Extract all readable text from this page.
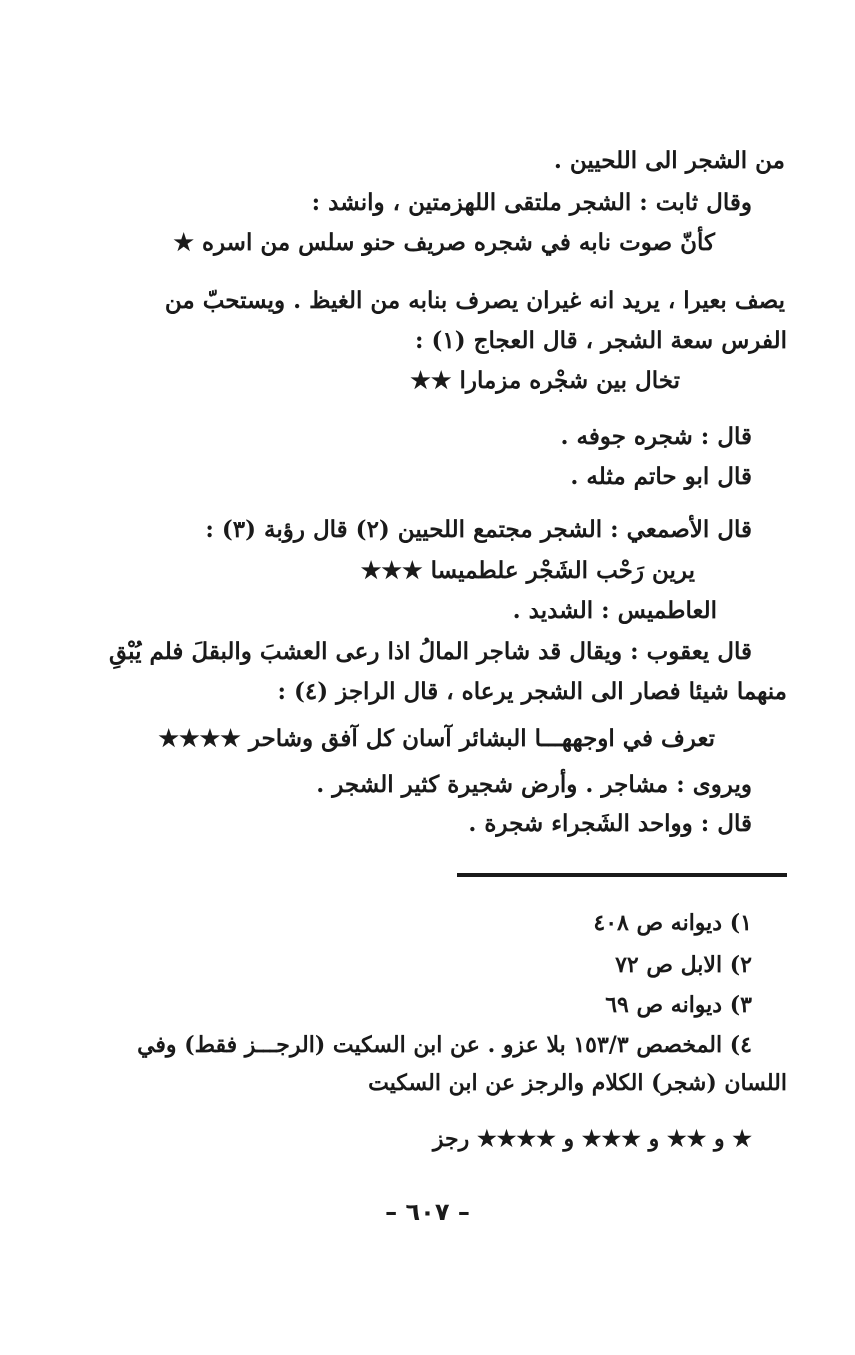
من الشجر الى اللحيين .
وقال ثابت : الشجر ملتقى اللهزمتين ، وانشد :
كأنّ صوت نابه في شجره صريف حنو سلس من اسره ★
يصف بعيرا ، يريد انه غيران يصرف بنابه من الغيظ . ويستحبّ من
الفرس سعة الشجر ، قال العجاج (١) :
تخال بين شجْره مزمارا ★★
قال : شجره جوفه .
قال ابو حاتم مثله .
قال الأصمعي : الشجر مجتمع اللحيين (٢) قال رؤبة (٣) :
يرين رَحْب الشَجْر علطميسا ★★★
العاطميس : الشديد .
قال يعقوب : ويقال قد شاجر المالُ اذا رعى العشبَ والبقلَ فلم يُبْقِ
منهما شيئا فصار الى الشجر يرعاه ، قال الراجز (٤) :
تعرف في اوجههـــا البشائر آسان كل آفق وشاحر ★★★★
ويروى : مشاجر . وأرض شجيرة كثير الشجر .
قال : وواحد الشَجراء شجرة .
١) ديوانه ص ٤٠٨
٢) الابل ص ٧٢
٣) ديوانه ص ٦٩
٤) المخصص ١٥٣/٣ بلا عزو . عن ابن السكيت (الرجـــز فقط) وفي
اللسان (شجر) الكلام والرجز عن ابن السكيت
★ و ★★ و ★★★ و ★★★★ رجز
– ٦٠٧ –
